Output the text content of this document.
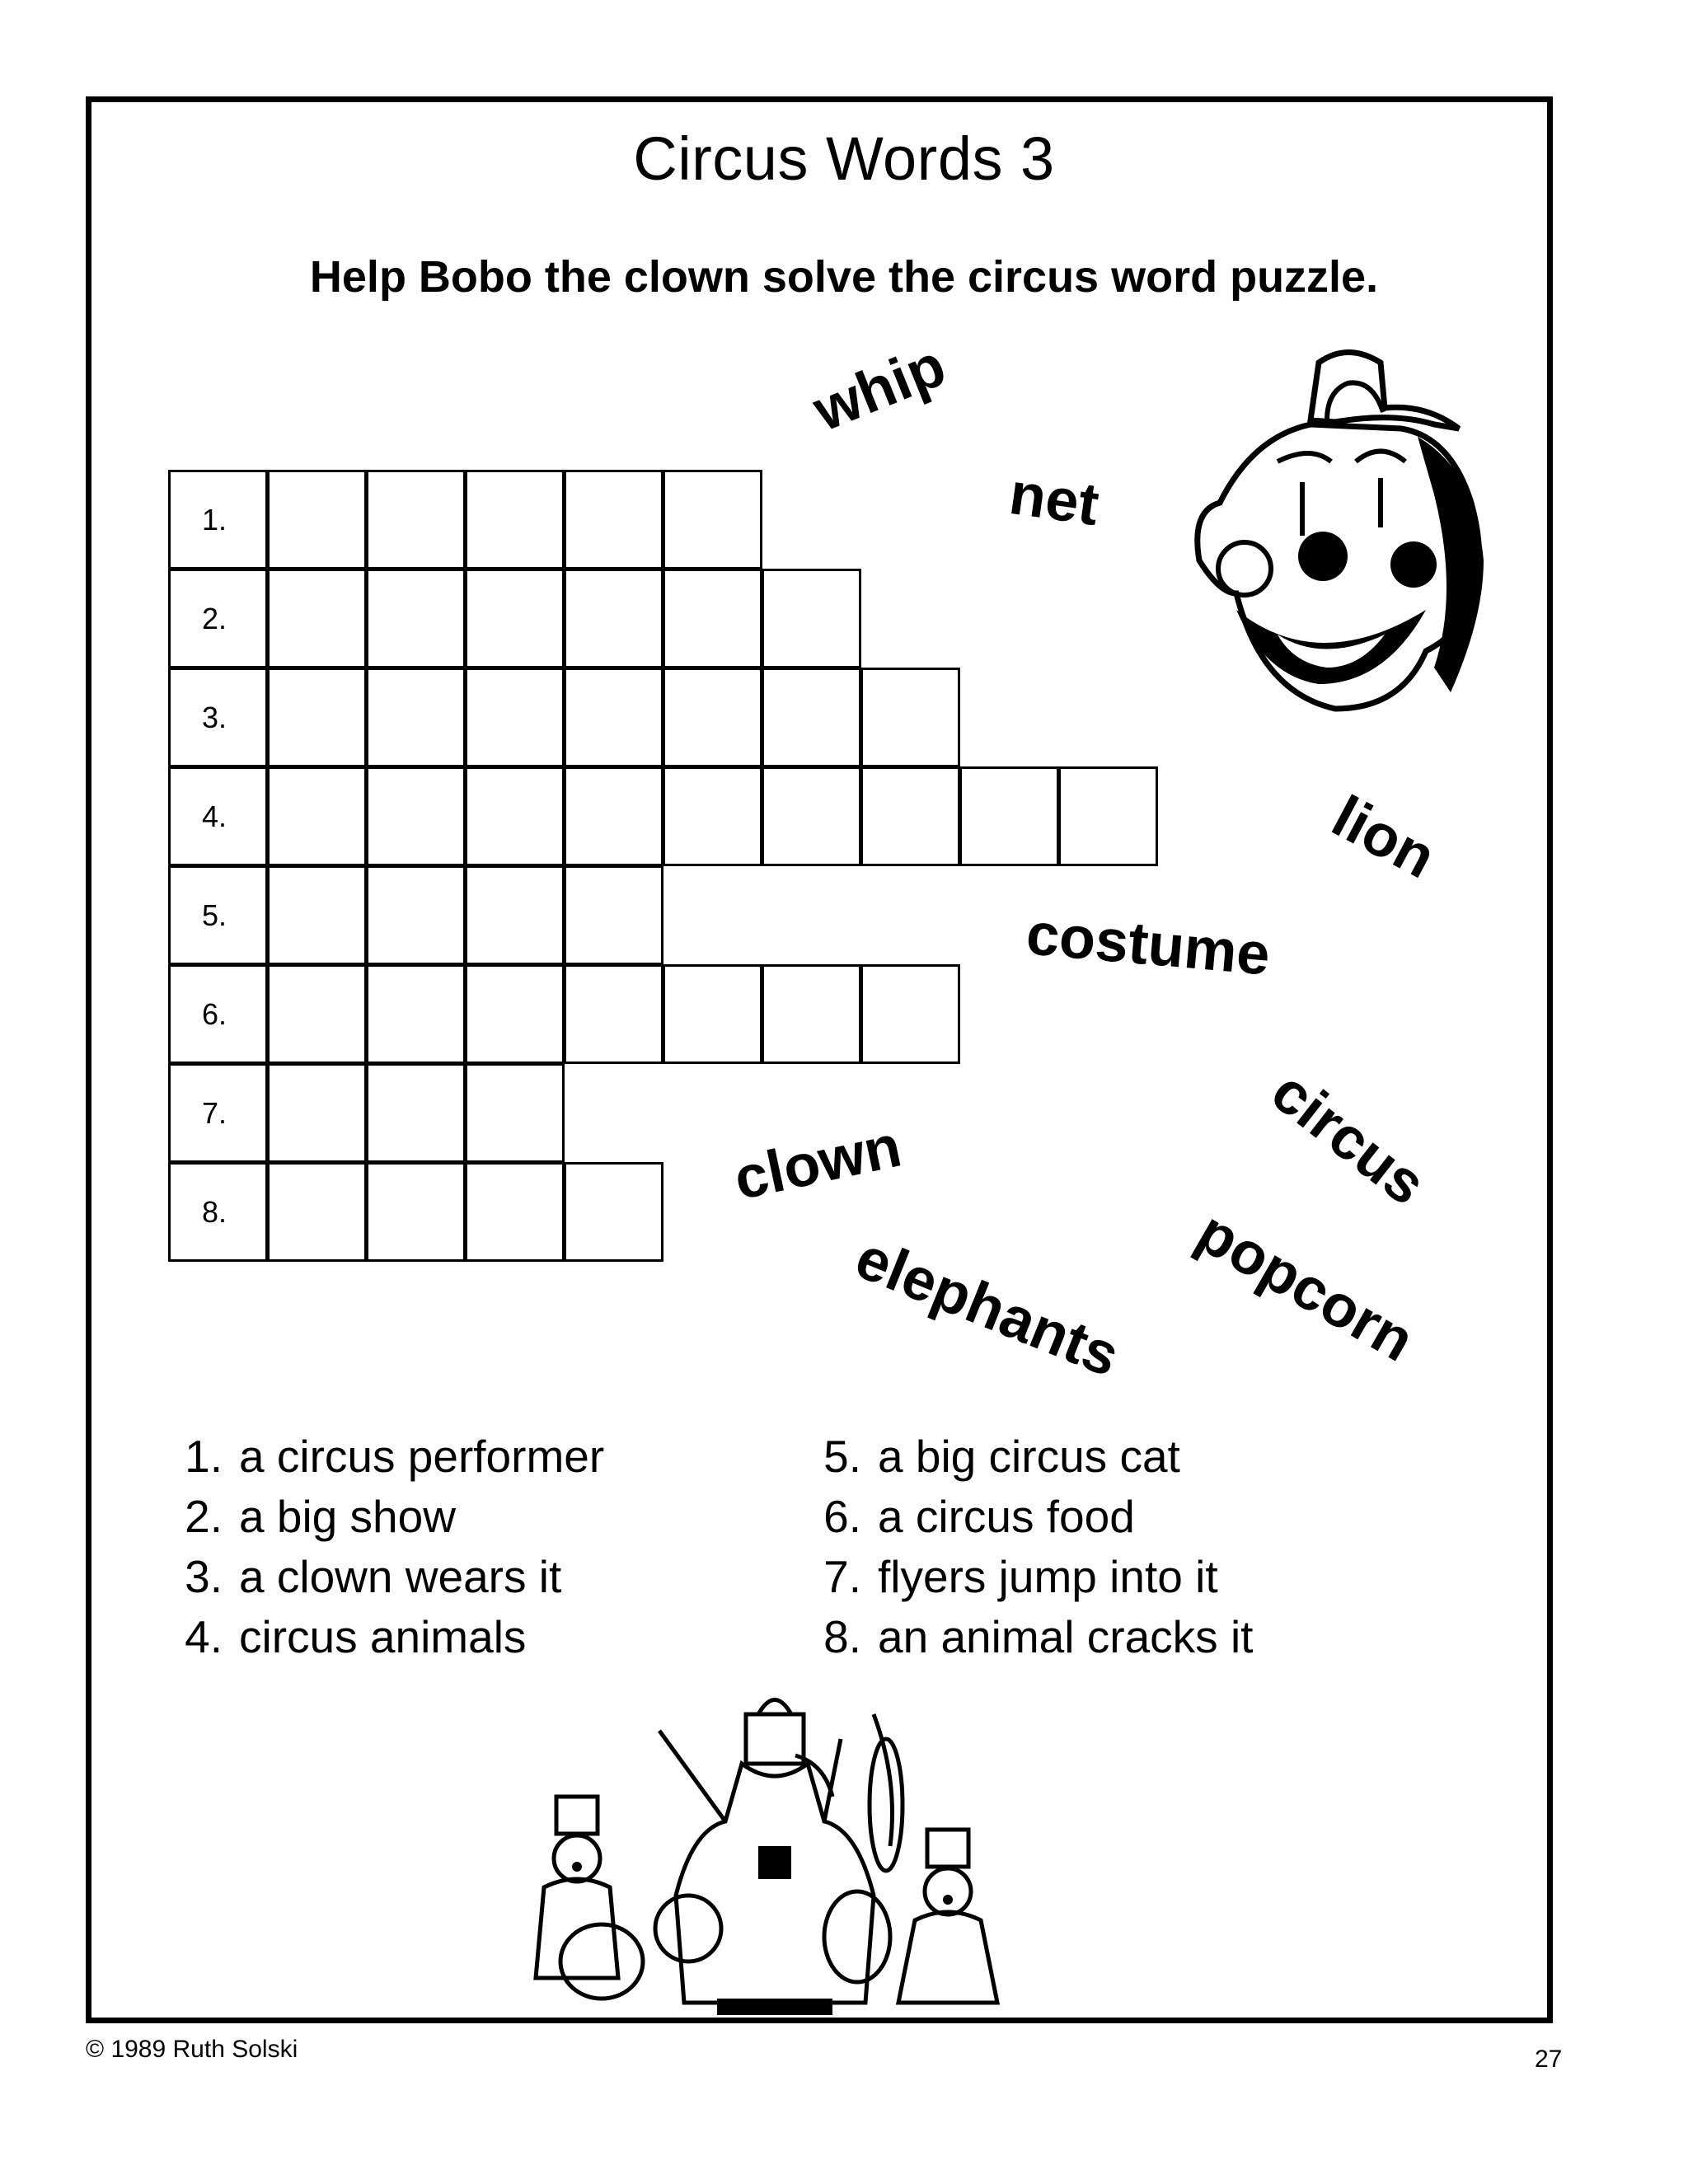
Circus Words 3
Help Bobo the clown solve the circus word puzzle.
1.
2.
3.
4.
5.
6.
7.
8.
whip
net
lion
costume
circus
clown
elephants popcorn
1. a circus performer
2. a big show
3. a clown wears it
4. circus animals
5. a big circus cat
6. a circus food
7. flyers jump into it
8. an animal cracks it
© 1989 Ruth Solski	27
